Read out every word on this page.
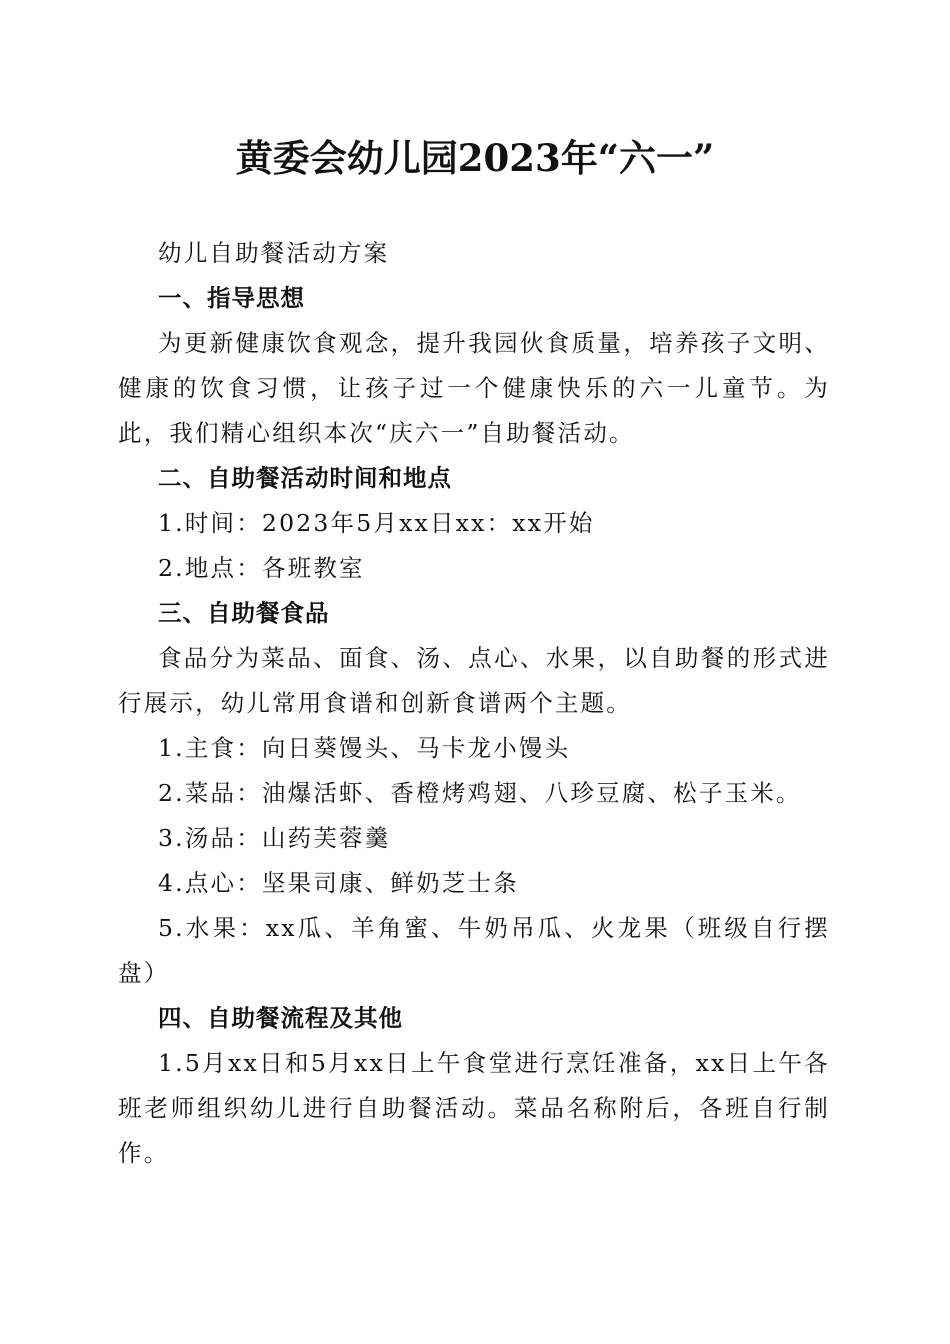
黄委会幼儿园2023年“六一”

幼儿自助餐活动方案

一、指导思想

为更新健康饮食观念，提升我园伙食质量，培养孩子文明、健康的饮食习惯，让孩子过一个健康快乐的六一儿童节。为此，我们精心组织本次“庆六一”自助餐活动。

二、自助餐活动时间和地点

1.时间：2023年5月xx日xx：xx开始

2.地点：各班教室

三、自助餐食品

食品分为菜品、面食、汤、点心、水果，以自助餐的形式进行展示，幼儿常用食谱和创新食谱两个主题。

1.主食：向日葵馒头、马卡龙小馒头

2.菜品：油爆活虾、香橙烤鸡翅、八珍豆腐、松子玉米。

3.汤品：山药芙蓉羹

4.点心：坚果司康、鲜奶芝士条

5.水果：xx瓜、羊角蜜、牛奶吊瓜、火龙果（班级自行摆盘）

四、自助餐流程及其他

1.5月xx日和5月xx日上午食堂进行烹饪准备，xx日上午各班老师组织幼儿进行自助餐活动。菜品名称附后，各班自行制作。
